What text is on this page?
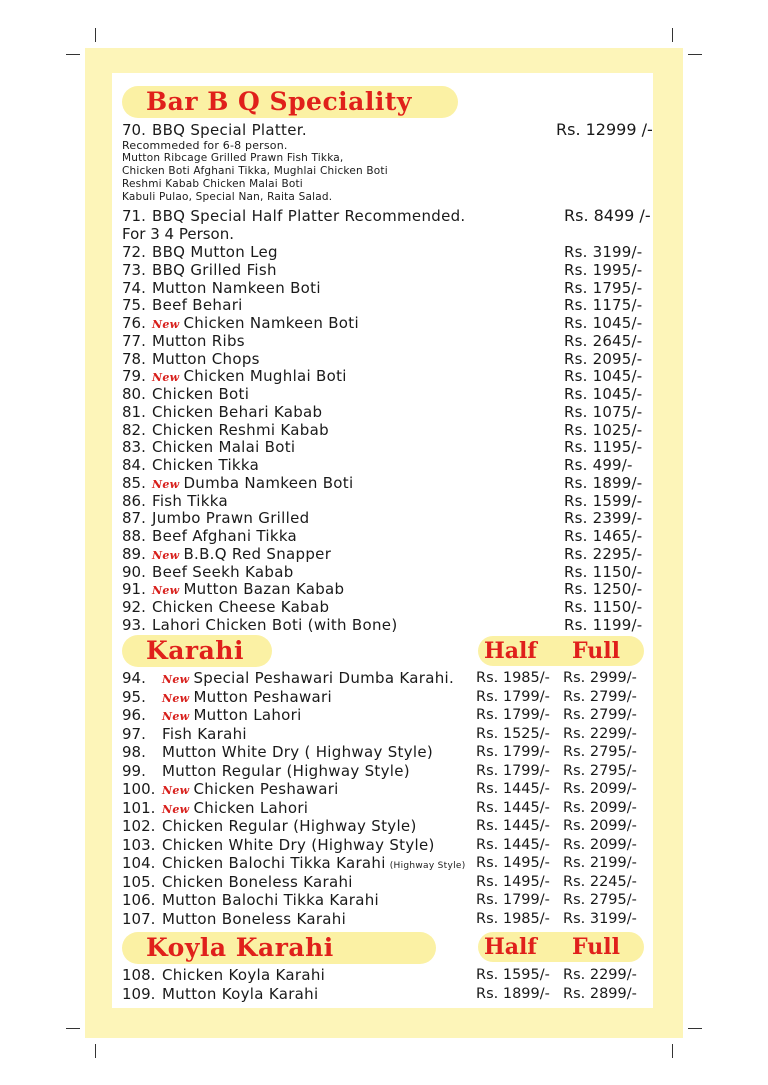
Bar B Q Speciality
70. BBQ Special Platter.	Rs. 12999 /-
Recommeded for 6-8 person.
Mutton Ribcage Grilled Prawn Fish Tikka,
Chicken Boti Afghani Tikka, Mughlai Chicken Boti
Reshmi Kabab Chicken Malai Boti
Kabuli Pulao, Special Nan, Raita Salad.
71. BBQ Special Half Platter Recommended.	Rs. 8499 /-
For 3 4 Person.
72. BBQ Mutton Leg	Rs. 3199/-
73. BBQ Grilled Fish	Rs. 1995/-
74. Mutton Namkeen Boti	Rs. 1795/-
75. Beef Behari	Rs. 1175/-
76. New Chicken Namkeen Boti	Rs. 1045/-
77. Mutton Ribs	Rs. 2645/-
78. Mutton Chops	Rs. 2095/-
79. New Chicken Mughlai Boti	Rs. 1045/-
80. Chicken Boti	Rs. 1045/-
81. Chicken Behari Kabab	Rs. 1075/-
82. Chicken Reshmi Kabab	Rs. 1025/-
83. Chicken Malai Boti	Rs. 1195/-
84. Chicken Tikka	Rs. 499/-
85. New Dumba Namkeen Boti	Rs. 1899/-
86. Fish Tikka	Rs. 1599/-
87. Jumbo Prawn Grilled	Rs. 2399/-
88. Beef Afghani Tikka	Rs. 1465/-
89. New B.B.Q Red Snapper	Rs. 2295/-
90. Beef Seekh Kabab	Rs. 1150/-
91. New Mutton Bazan Kabab	Rs. 1250/-
92. Chicken Cheese Kabab	Rs. 1150/-
93. Lahori Chicken Boti (with Bone)	Rs. 1199/-
Karahi	Half Full
94. New Special Peshawari Dumba Karahi. Rs. 1985/- Rs. 2999/-
95. New Mutton Peshawari	Rs. 1799/- Rs. 2799/-
96. New Mutton Lahori	Rs. 1799/- Rs. 2799/-
97. Fish Karahi	Rs. 1525/- Rs. 2299/-
98. Mutton White Dry ( Highway Style)	Rs. 1799/- Rs. 2795/-
99. Mutton Regular (Highway Style)	Rs. 1799/- Rs. 2795/-
100. New Chicken Peshawari	Rs. 1445/- Rs. 2099/-
101. New Chicken Lahori	Rs. 1445/- Rs. 2099/-
102. Chicken Regular (Highway Style)	Rs. 1445/- Rs. 2099/-
103. Chicken White Dry (Highway Style)	Rs. 1445/- Rs. 2099/-
104. Chicken Balochi Tikka Karahi (Highway Style) Rs. 1495/- Rs. 2199/-
105. Chicken Boneless Karahi	Rs. 1495/- Rs. 2245/-
106. Mutton Balochi Tikka Karahi	Rs. 1799/- Rs. 2795/-
107. Mutton Boneless Karahi	Rs. 1985/- Rs. 3199/-
Koyla Karahi	Half Full
108. Chicken Koyla Karahi	Rs. 1595/- Rs. 2299/-
109. Mutton Koyla Karahi	Rs. 1899/- Rs. 2899/-
